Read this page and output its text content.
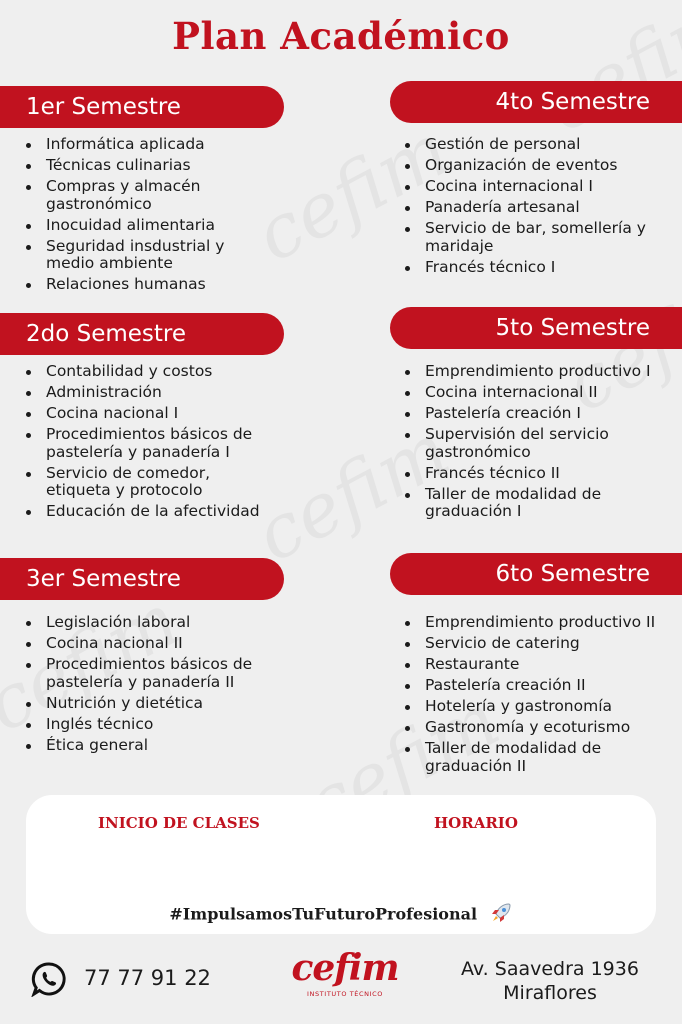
Plan Académico
1er Semestre
Informática aplicada
Técnicas culinarias
Compras y almacén gastronómico
Inocuidad alimentaria
Seguridad insdustrial y medio ambiente
Relaciones humanas
2do Semestre
Contabilidad y costos
Administración
Cocina nacional I
Procedimientos básicos de pastelería y panadería I
Servicio de comedor, etiqueta y protocolo
Educación de la afectividad
3er Semestre
Legislación laboral
Cocina nacional II
Procedimientos básicos de pastelería y panadería II
Nutrición y dietética
Inglés técnico
Ética general
4to Semestre
Gestión de personal
Organización de eventos
Cocina internacional I
Panadería artesanal
Servicio de bar, somellería y maridaje
Francés técnico I
5to Semestre
Emprendimiento productivo I
Cocina internacional II
Pastelería creación I
Supervisión del servicio gastronómico
Francés técnico II
Taller de modalidad de graduación I
6to Semestre
Emprendimiento productivo II
Servicio de catering
Restaurante
Pastelería creación II
Hotelería y gastronomía
Gastronomía y ecoturismo
Taller de modalidad de graduación II
INICIO DE CLASES	HORARIO
#ImpulsamosTuFuturoProfesional
77 77 91 22 cefim
INSTITUTO TÉCNICO
Av. Saavedra 1936
Miraflores
